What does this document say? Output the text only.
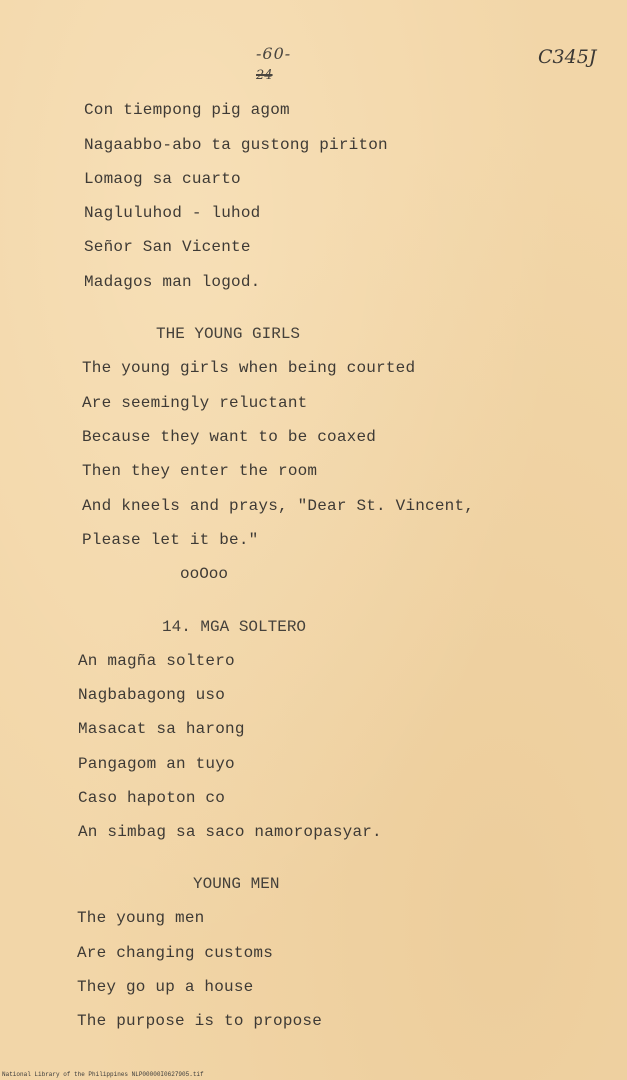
-60-
24
C345J
Con tiempong pig agom
Nagaabbo-abo ta gustong piriton
Lomaog sa cuarto
Nagluluhod - luhod
Señor San Vicente
Madagos man logod.
THE YOUNG GIRLS
The young girls when being courted
Are seemingly reluctant
Because they want to be coaxed
Then they enter the room
And kneels and prays, "Dear St. Vincent,
Please let it be."
ooOoo
14. MGA SOLTERO
An magña soltero
Nagbabagong uso
Masacat sa harong
Pangagom an tuyo
Caso hapoton co
An simbag sa saco namoropasyar.
YOUNG MEN
The young men
Are changing customs
They go up a house
The purpose is to propose
National Library of the Philippines NLP00000I0627905.tif
